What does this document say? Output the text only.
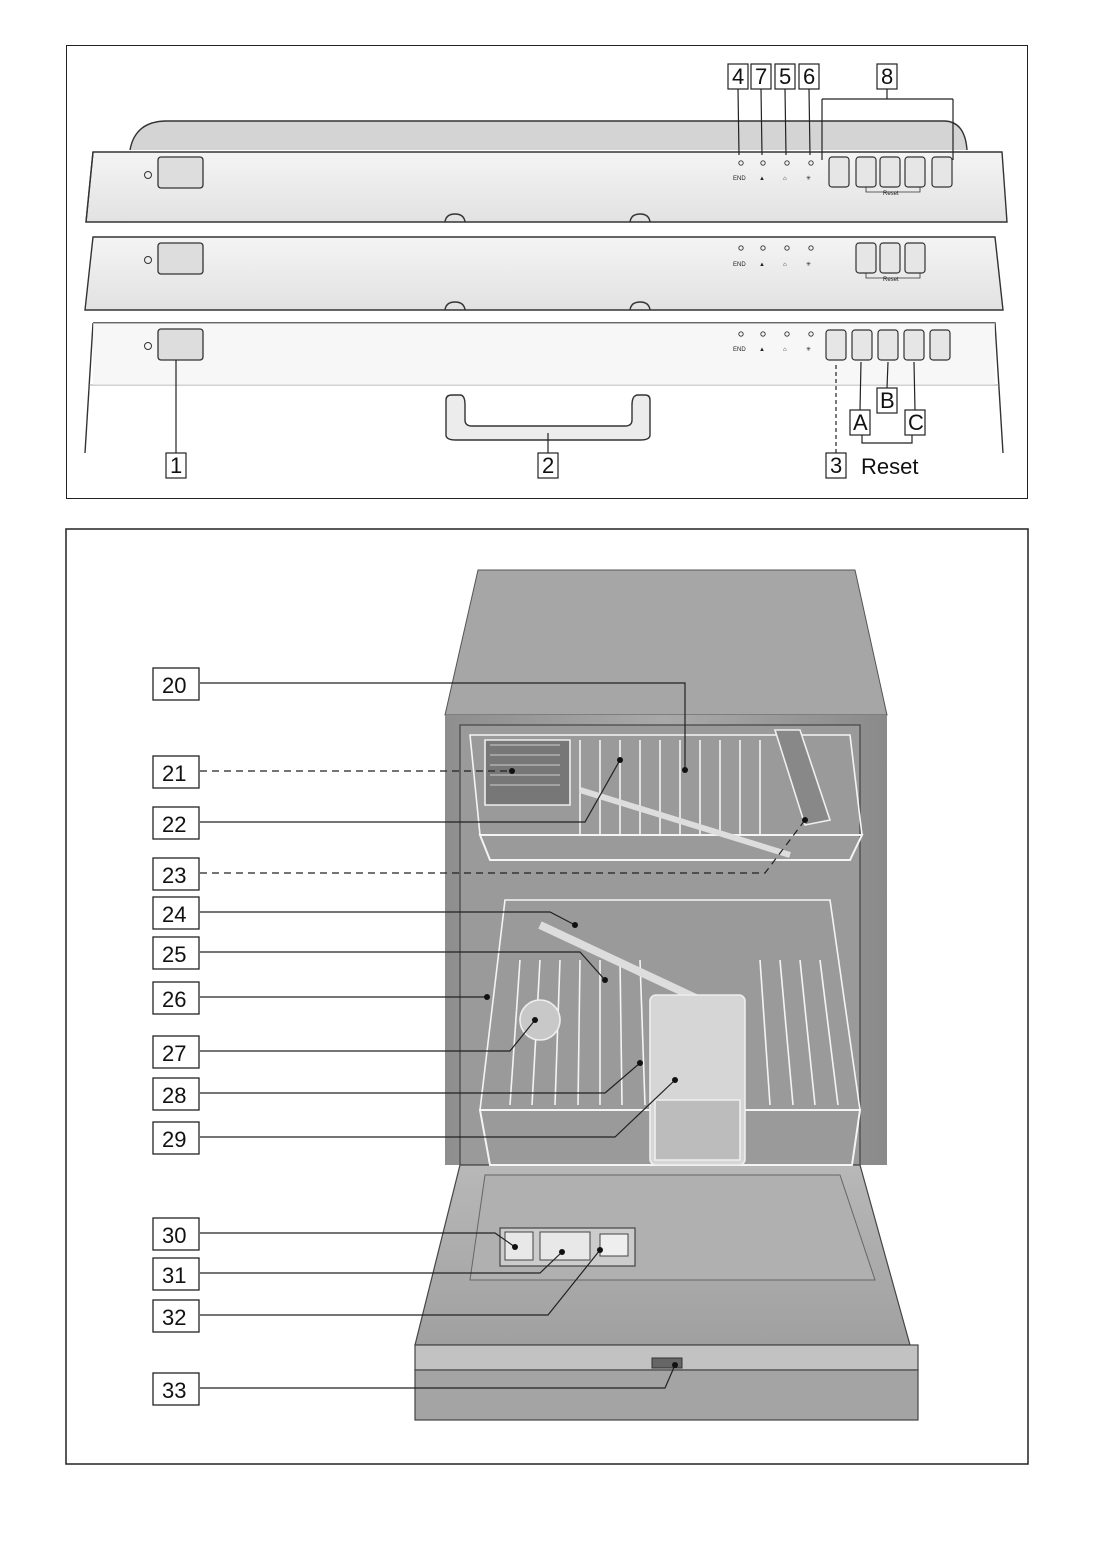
END ▲	⌂	✳
Reset
END ▲	⌂	✳
Reset
END ▲	⌂	✳
4 7 5 6	8
1	2	3
A
B
C
Reset
20
21
22
23
24
25
26
27
28
29
30
31
32
33
